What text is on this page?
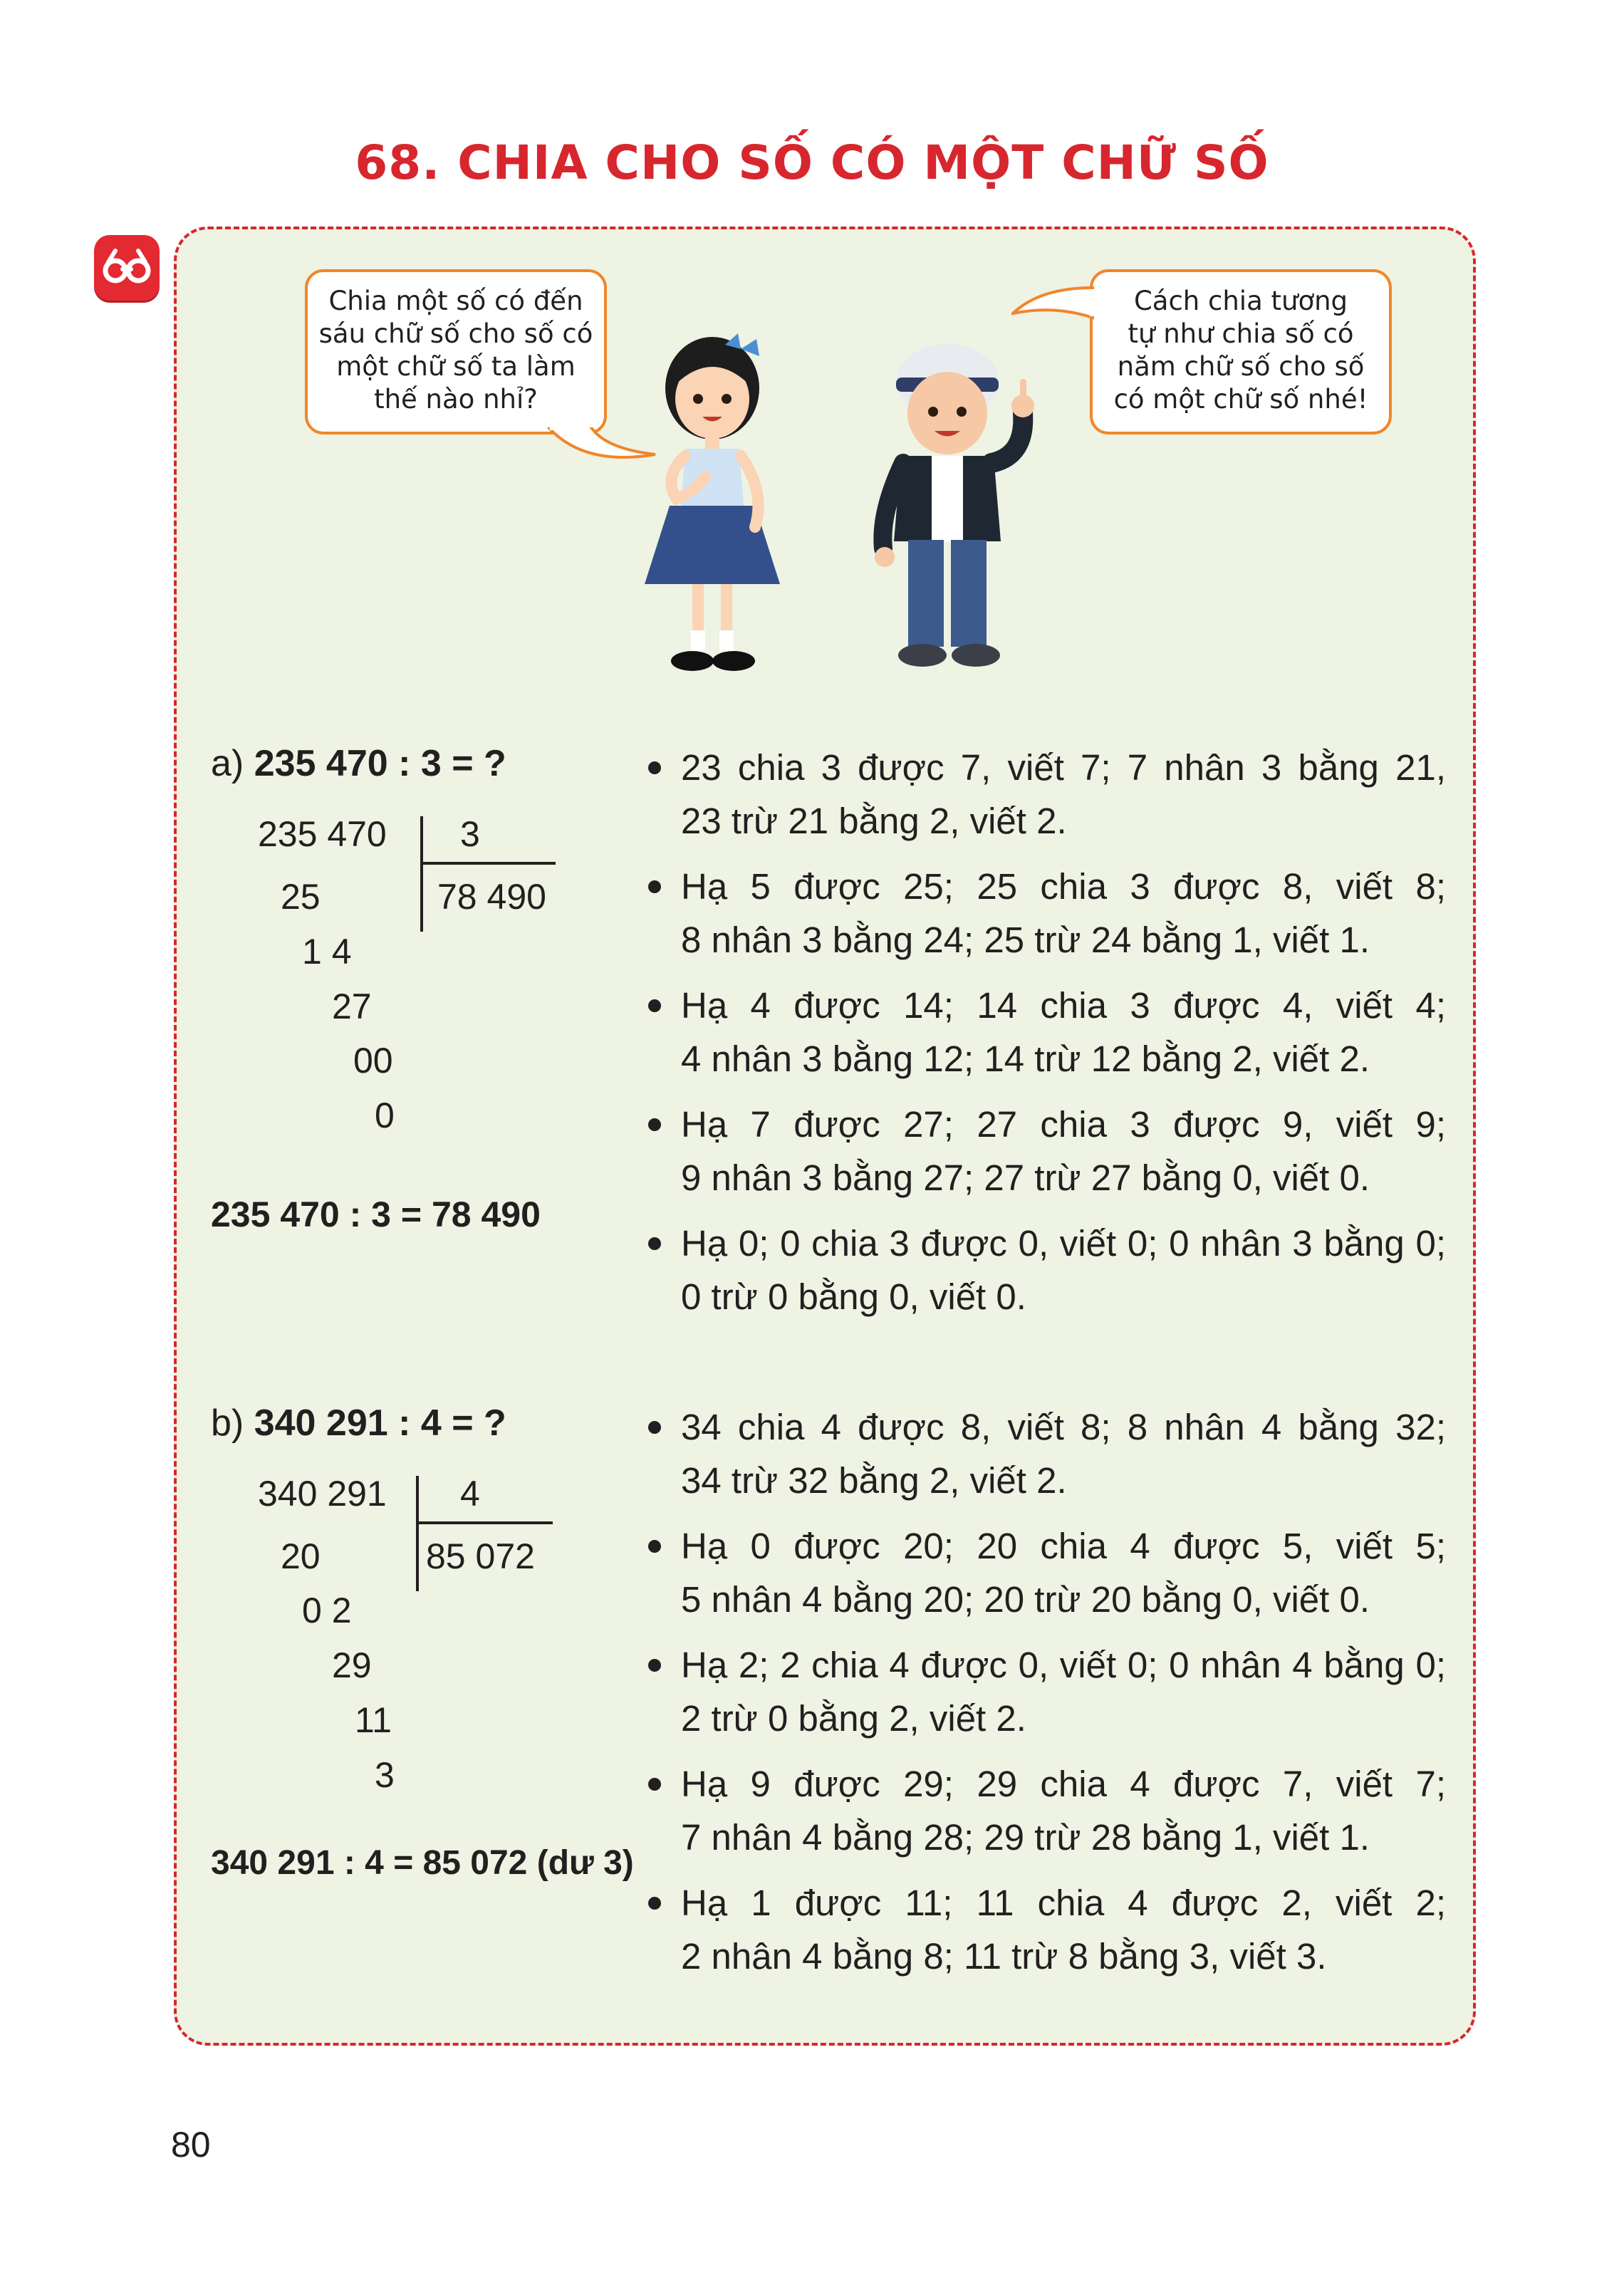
68. CHIA CHO SỐ CÓ MỘT CHỮ SỐ
Chia một số có đến
sáu chữ số cho số có
một chữ số ta làm
thế nào nhỉ?
Cách chia tương
tự như chia số có
năm chữ số cho số
có một chữ số nhé!
a) 235 470 : 3 = ?
235 470 3
78 490
25
1 4
27
00
0
235 470 : 3 = 78 490
23 chia 3 được 7, viết 7; 7 nhân 3 bằng 21,
23 trừ 21 bằng 2, viết 2.
Hạ 5 được 25; 25 chia 3 được 8, viết 8;
8 nhân 3 bằng 24; 25 trừ 24 bằng 1, viết 1.
Hạ 4 được 14; 14 chia 3 được 4, viết 4;
4 nhân 3 bằng 12; 14 trừ 12 bằng 2, viết 2.
Hạ 7 được 27; 27 chia 3 được 9, viết 9;
9 nhân 3 bằng 27; 27 trừ 27 bằng 0, viết 0.
Hạ 0; 0 chia 3 được 0, viết 0; 0 nhân 3 bằng 0;
0 trừ 0 bằng 0, viết 0.
b) 340 291 : 4 = ?
340 291 4
85 072
20
0 2
29
11
3
340 291 : 4 = 85 072 (dư 3)
34 chia 4 được 8, viết 8; 8 nhân 4 bằng 32;
34 trừ 32 bằng 2, viết 2.
Hạ 0 được 20; 20 chia 4 được 5, viết 5;
5 nhân 4 bằng 20; 20 trừ 20 bằng 0, viết 0.
Hạ 2; 2 chia 4 được 0, viết 0; 0 nhân 4 bằng 0;
2 trừ 0 bằng 2, viết 2.
Hạ 9 được 29; 29 chia 4 được 7, viết 7;
7 nhân 4 bằng 28; 29 trừ 28 bằng 1, viết 1.
Hạ 1 được 11; 11 chia 4 được 2, viết 2;
2 nhân 4 bằng 8; 11 trừ 8 bằng 3, viết 3.
80
